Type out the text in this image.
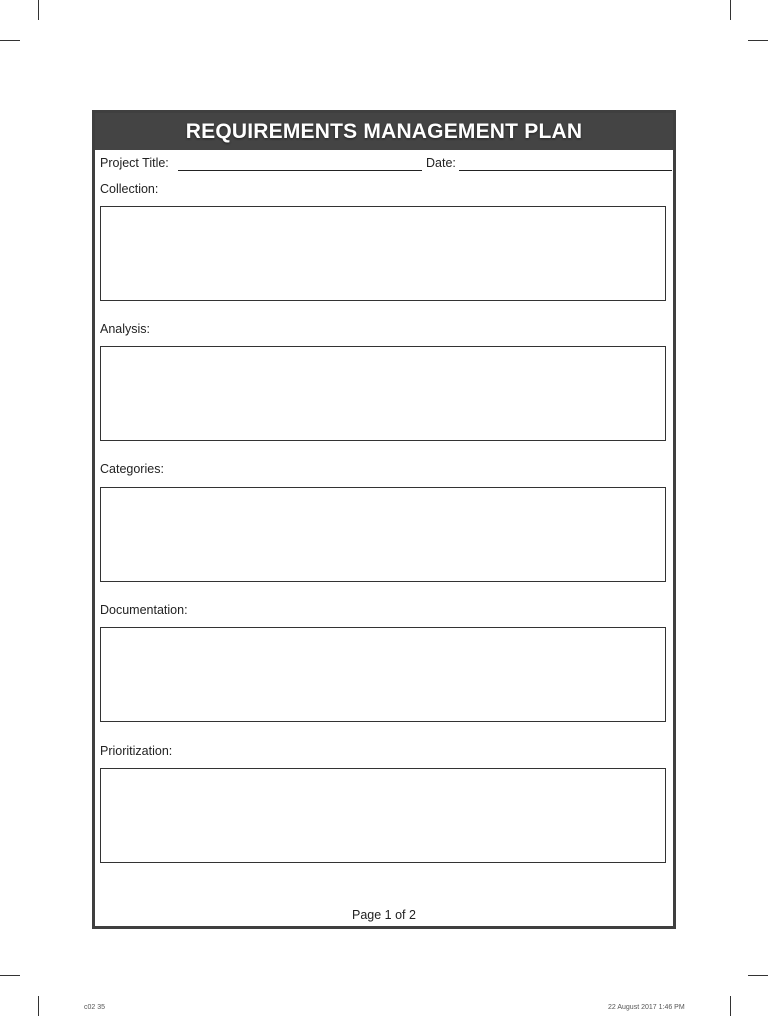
REQUIREMENTS MANAGEMENT PLAN
Project Title:	Date:
Collection:
Analysis:
Categories:
Documentation:
Prioritization:
Page 1 of 2
c02 35	22 August 2017 1:46 PM
